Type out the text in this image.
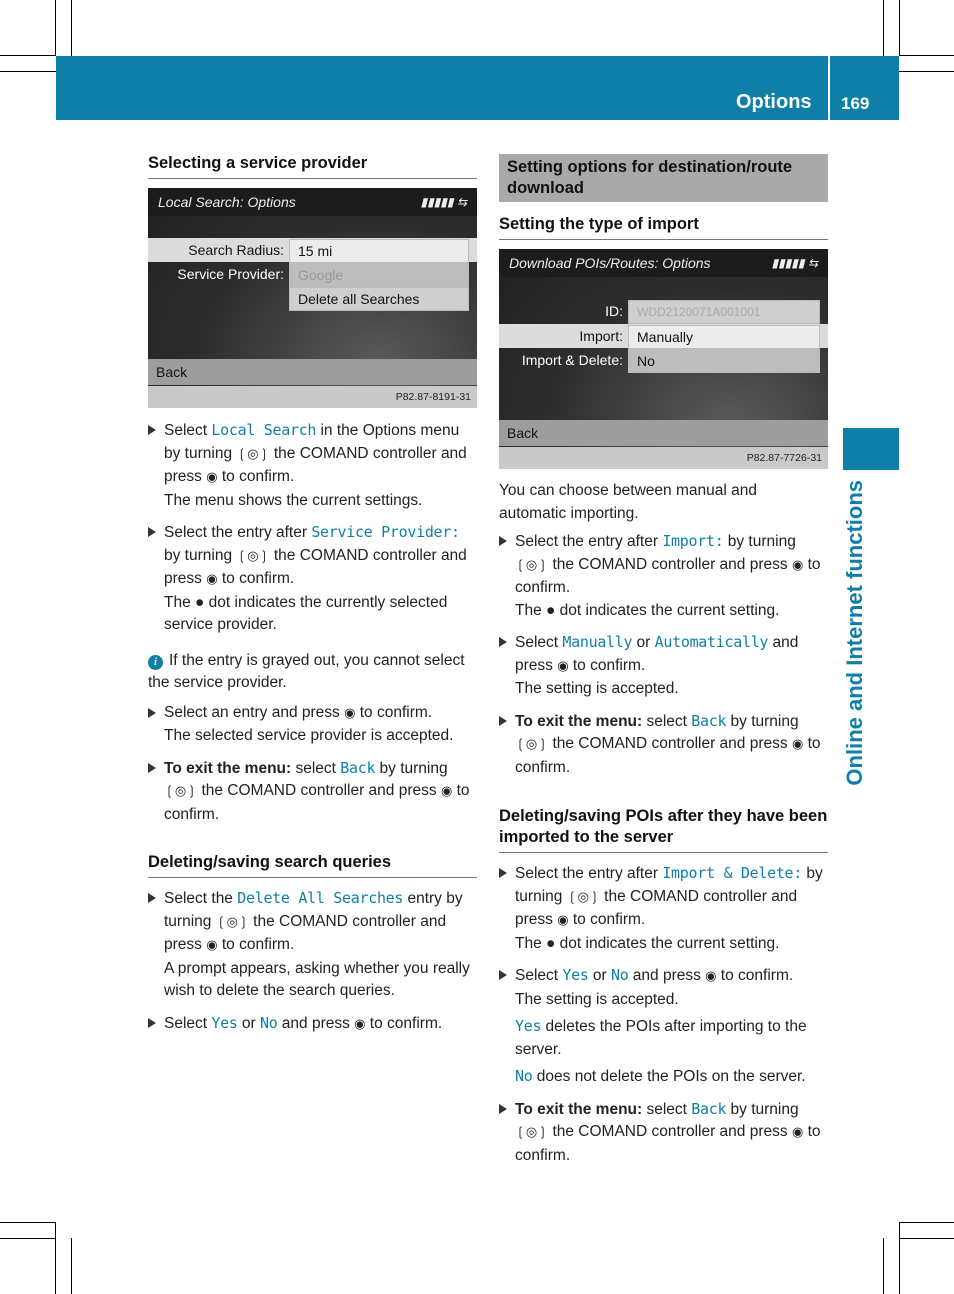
Options 169
Online and Internet functions
Selecting a service provider
Local Search: Options	▮▮▮▮▮ ⇆
Search Radius:	15 mi
Service Provider:	Google
Delete all Searches
Back
P82.87-8191-31
Select Local Search in the Options menu by turning ❲◎❳ the COMAND controller and press ◉ to confirm.

The menu shows the current settings.

Select the entry after Service Provider: by turning ❲◎❳ the COMAND controller and press ◉ to confirm.

The ● dot indicates the currently selected service provider.

i If the entry is grayed out, you cannot select the service provider.
Select an entry and press ◉ to confirm.

The selected service provider is accepted.

To exit the menu: select Back by turning ❲◎❳ the COMAND controller and press ◉ to confirm.
Deleting/saving search queries
Select the Delete All Searches entry by turning ❲◎❳ the COMAND controller and press ◉ to confirm.

A prompt appears, asking whether you really wish to delete the search queries.

Select Yes or No and press ◉ to confirm.
Setting options for destination/route download
Setting the type of import
Download POIs/Routes: Options	▮▮▮▮▮ ⇆
ID:	WDD2120071A001001
Import:	Manually
Import & Delete:	No
Back
P82.87-7726-31

You can choose between manual and automatic importing.

Select the entry after Import: by turning ❲◎❳ the COMAND controller and press ◉ to confirm.

The ● dot indicates the current setting.

Select Manually or Automatically and press ◉ to confirm.

The setting is accepted.

To exit the menu: select Back by turning ❲◎❳ the COMAND controller and press ◉ to confirm.
Deleting/saving POIs after they have been imported to the server
Select the entry after Import & Delete: by turning ❲◎❳ the COMAND controller and press ◉ to confirm.

The ● dot indicates the current setting.

Select Yes or No and press ◉ to confirm.

The setting is accepted.

Yes deletes the POIs after importing to the server.

No does not delete the POIs on the server.

To exit the menu: select Back by turning ❲◎❳ the COMAND controller and press ◉ to confirm.
